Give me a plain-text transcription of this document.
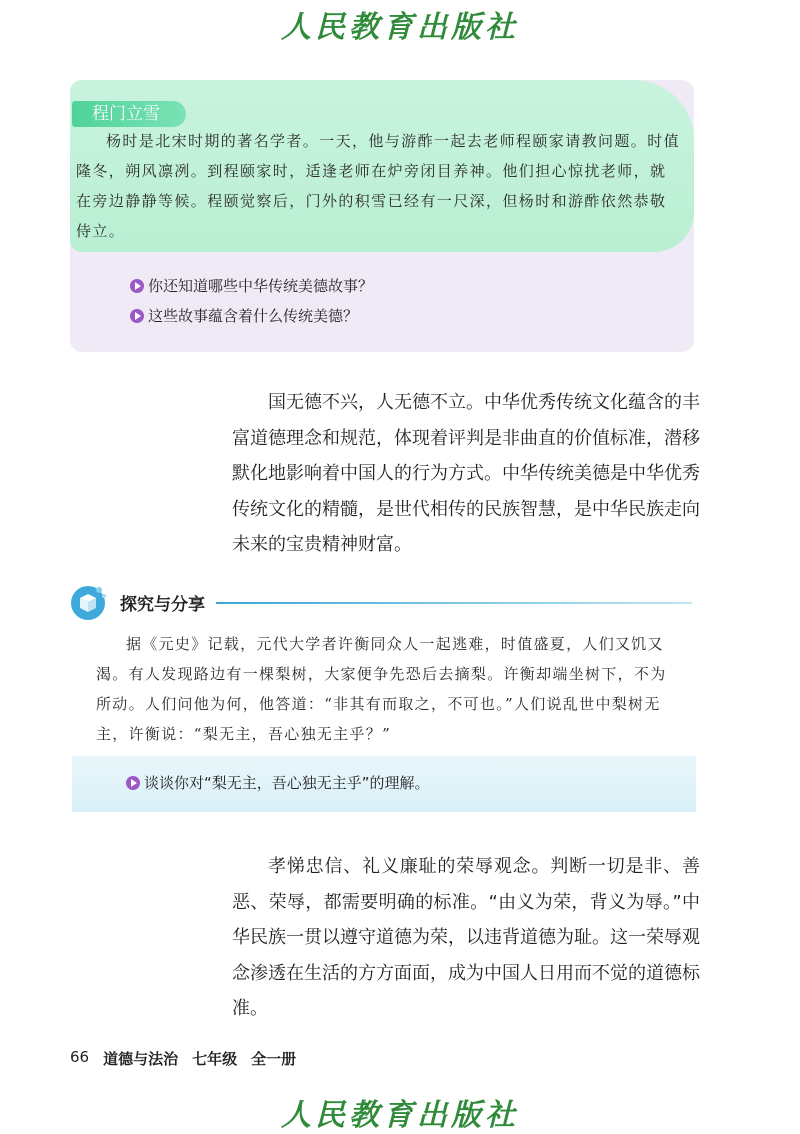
人民教育出版社
程门立雪

杨时是北宋时期的著名学者。一天，他与游酢一起去老师程颐家请教问题。时值隆冬，朔风凛冽。到程颐家时，适逢老师在炉旁闭目养神。他们担心惊扰老师，就在旁边静静等候。程颐觉察后，门外的积雪已经有一尺深，但杨时和游酢依然恭敬侍立。

你还知道哪些中华传统美德故事？
这些故事蕴含着什么传统美德？

国无德不兴，人无德不立。中华优秀传统文化蕴含的丰富道德理念和规范，体现着评判是非曲直的价值标准，潜移默化地影响着中国人的行为方式。中华传统美德是中华优秀传统文化的精髓，是世代相传的民族智慧，是中华民族走向未来的宝贵精神财富。

探究与分享

据《元史》记载，元代大学者许衡同众人一起逃难，时值盛夏，人们又饥又渴。有人发现路边有一棵梨树，大家便争先恐后去摘梨。许衡却端坐树下，不为所动。人们问他为何，他答道：“非其有而取之，不可也。”人们说乱世中梨树无主，许衡说：“梨无主，吾心独无主乎？”

谈谈你对“梨无主，吾心独无主乎”的理解。

孝悌忠信、礼义廉耻的荣辱观念。判断一切是非、善恶、荣辱，都需要明确的标准。“由义为荣，背义为辱。”中华民族一贯以遵守道德为荣，以违背道德为耻。这一荣辱观念渗透在生活的方方面面，成为中国人日用而不觉的道德标准。

66 道德与法治 七年级 全一册
人民教育出版社
